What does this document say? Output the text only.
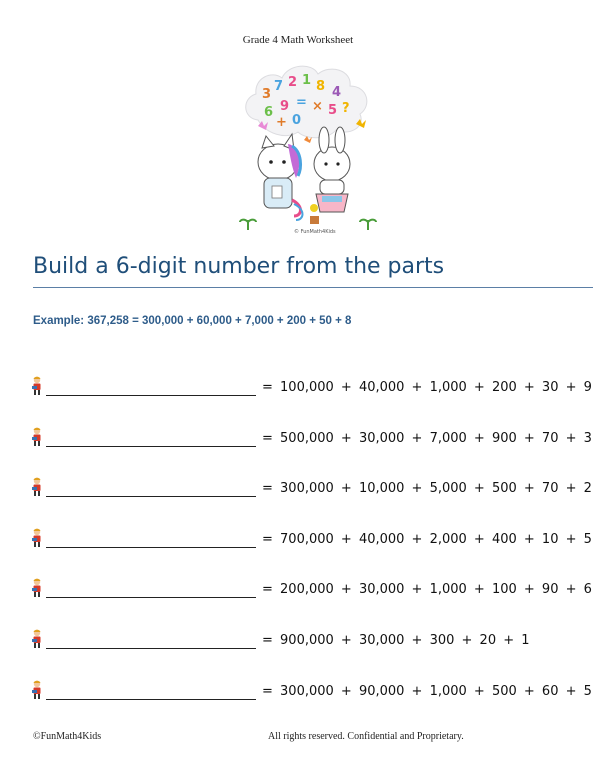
Grade 4 Math Worksheet
3
7 2 1 8 4
6 9 = × 5
0
?
+
© FunMath4Kids
Build a 6-digit number from the parts
Example: 367,258 = 300,000 + 60,000 + 7,000 + 200 + 50 + 8
= 100,000 + 40,000 + 1,000 + 200 + 30 + 9
= 500,000 + 30,000 + 7,000 + 900 + 70 + 3
= 300,000 + 10,000 + 5,000 + 500 + 70 + 2
= 700,000 + 40,000 + 2,000 + 400 + 10 + 5
= 200,000 + 30,000 + 1,000 + 100 + 90 + 6
= 900,000 + 30,000 + 300 + 20 + 1
= 300,000 + 90,000 + 1,000 + 500 + 60 + 5
©FunMath4Kids	All rights reserved. Confidential and Proprietary.
